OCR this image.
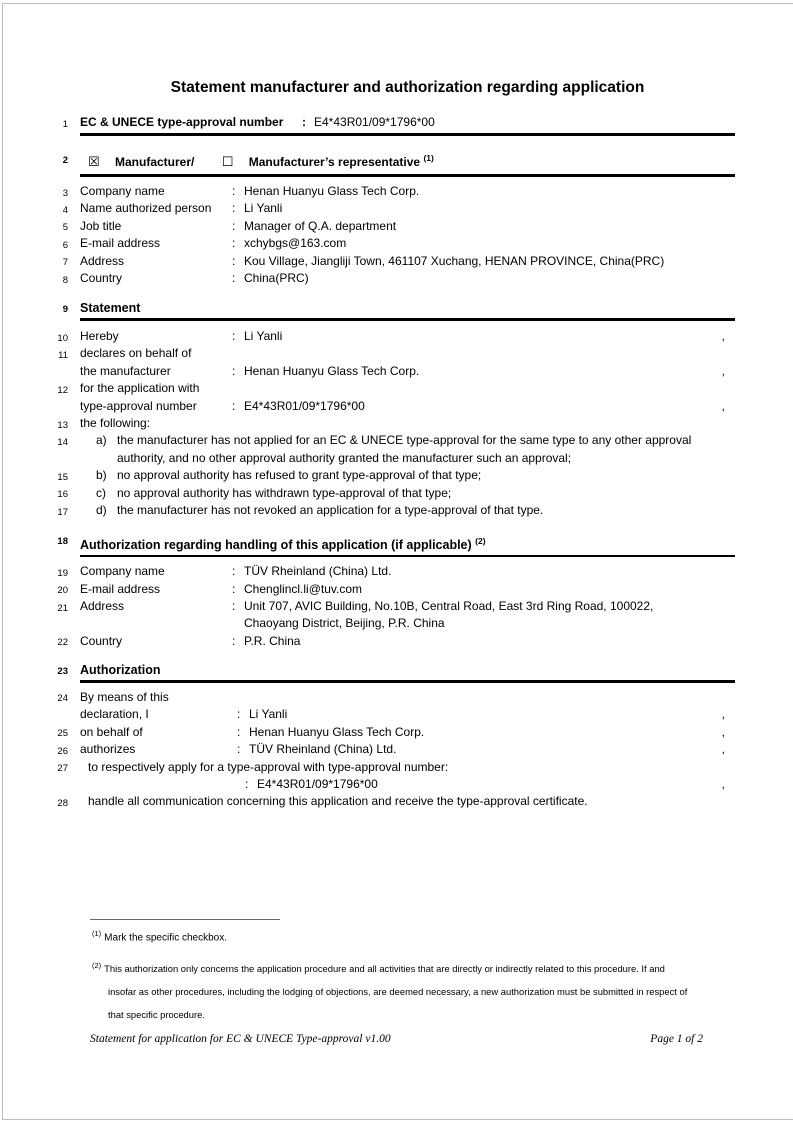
Statement manufacturer and authorization regarding application
1 EC & UNECE type-approval number	: E4*43R01/09*1796*00
2 ☒ Manufacturer/ ☐ Manufacturer’s representative $^{(1)}$
3 Company name	: Henan Huanyu Glass Tech Corp.
4 Name authorized person	: Li Yanli
5 Job title	: Manager of Q.A. department
6 E-mail address	: xchybgs@163.com
7 Address	: Kou Village, Jiangliji Town, 461107 Xuchang, HENAN PROVINCE, China(PRC)
8 Country	: China(PRC)
9 Statement
10 Hereby	: Li Yanli	,
11 declares on behalf of
the manufacturer	: Henan Huanyu Glass Tech Corp.	,
12 for the application with
type-approval number	: E4*43R01/09*1796*00	,
13 the following:
14 a) the manufacturer has not applied for an EC & UNECE type-approval for the same type to any other approval authority, and no other approval authority granted the manufacturer such an approval;
15 b) no approval authority has refused to grant type-approval of that type;
16 c) no approval authority has withdrawn type-approval of that type;
17 d) the manufacturer has not revoked an application for a type-approval of that type.
18 Authorization regarding handling of this application (if applicable) $^{(2)}$
19 Company name	: TÜV Rheinland (China) Ltd.
20 E-mail address	: Chenglincl.li@tuv.com
21 Address	: Unit 707, AVIC Building, No.10B, Central Road, East 3rd Ring Road, 100022,
Chaoyang District, Beijing, P.R. China
22 Country	: P.R. China
23 Authorization
24 By means of this
declaration, I	: Li Yanli	,
25 on behalf of	: Henan Huanyu Glass Tech Corp.	,
26 authorizes	: TÜV Rheinland (China) Ltd.	,
27 to respectively apply for a type-approval with type-approval number:
: E4*43R01/09*1796*00	,
28 handle all communication concerning this application and receive the type-approval certificate.
$^{(1)}$ Mark the specific checkbox.
$^{(2)}$ This authorization only concerns the application procedure and all activities that are directly or indirectly related to this procedure. If and
insofar as other procedures, including the lodging of objections, are deemed necessary, a new authorization must be submitted in respect of
that specific procedure.
Statement for application for EC & UNECE Type-approval v1.00	Page 1 of 2
